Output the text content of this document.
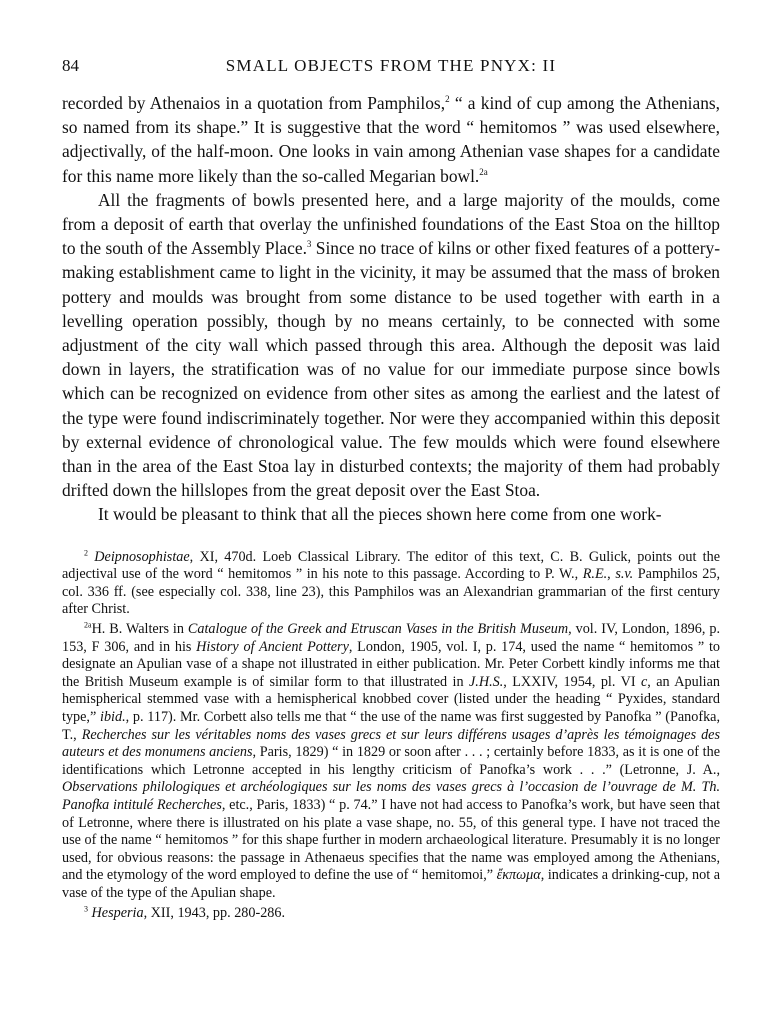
84	SMALL OBJECTS FROM THE PNYX: II

recorded by Athenaios in a quotation from Pamphilos,$^2$ “ a kind of cup among the Athenians, so named from its shape.” It is suggestive that the word “ hemitomos ” was used elsewhere, adjectivally, of the half-moon. One looks in vain among Athenian vase shapes for a candidate for this name more likely than the so-called Megarian bowl.$^{2a}$

All the fragments of bowls presented here, and a large majority of the moulds, come from a deposit of earth that overlay the unfinished foundations of the East Stoa on the hilltop to the south of the Assembly Place.$^3$ Since no trace of kilns or other fixed features of a pottery-making establishment came to light in the vicinity, it may be assumed that the mass of broken pottery and moulds was brought from some distance to be used together with earth in a levelling operation possibly, though by no means certainly, to be connected with some adjustment of the city wall which passed through this area. Although the deposit was laid down in layers, the stratification was of no value for our immediate purpose since bowls which can be recognized on evidence from other sites as among the earliest and the latest of the type were found indiscriminately together. Nor were they accompanied within this deposit by external evidence of chronological value. The few moulds which were found elsewhere than in the area of the East Stoa lay in disturbed contexts; the majority of them had probably drifted down the hillslopes from the great deposit over the East Stoa.

It would be pleasant to think that all the pieces shown here come from one work-

$^2$ Deipnosophistae, XI, 470d. Loeb Classical Library. The editor of this text, C. B. Gulick, points out the adjectival use of the word “ hemitomos ” in his note to this passage. According to P. W., R.E., s.v. Pamphilos 25, col. 336 ff. (see especially col. 338, line 23), this Pamphilos was an Alexandrian grammarian of the first century after Christ.

$^{2a}$H. B. Walters in Catalogue of the Greek and Etruscan Vases in the British Museum, vol. IV, London, 1896, p. 153, F 306, and in his History of Ancient Pottery, London, 1905, vol. I, p. 174, used the name “ hemitomos ” to designate an Apulian vase of a shape not illustrated in either publication. Mr. Peter Corbett kindly informs me that the British Museum example is of similar form to that illustrated in J.H.S., LXXIV, 1954, pl. VI c, an Apulian hemispherical stemmed vase with a hemispherical knobbed cover (listed under the heading “ Pyxides, standard type,” ibid., p. 117). Mr. Corbett also tells me that “ the use of the name was first suggested by Panofka ” (Panofka, T., Recherches sur les véritables noms des vases grecs et sur leurs différens usages d’après les témoignages des auteurs et des monumens anciens, Paris, 1829) “ in 1829 or soon after . . . ; certainly before 1833, as it is one of the identifications which Letronne accepted in his lengthy criticism of Panofka’s work . . .” (Letronne, J. A., Observations philologiques et archéologiques sur les noms des vases grecs à l’occasion de l’ouvrage de M. Th. Panofka intitulé Recherches, etc., Paris, 1833) “ p. 74.” I have not had access to Panofka’s work, but have seen that of Letronne, where there is illustrated on his plate a vase shape, no. 55, of this general type. I have not traced the use of the name “ hemitomos ” for this shape further in modern archaeological literature. Presumably it is no longer used, for obvious reasons: the passage in Athenaeus specifies that the name was employed among the Athenians, and the etymology of the word employed to define the use of “ hemitomoi,” ἔκπωμα, indicates a drinking-cup, not a vase of the type of the Apulian shape.

$^3$ Hesperia, XII, 1943, pp. 280-286.
